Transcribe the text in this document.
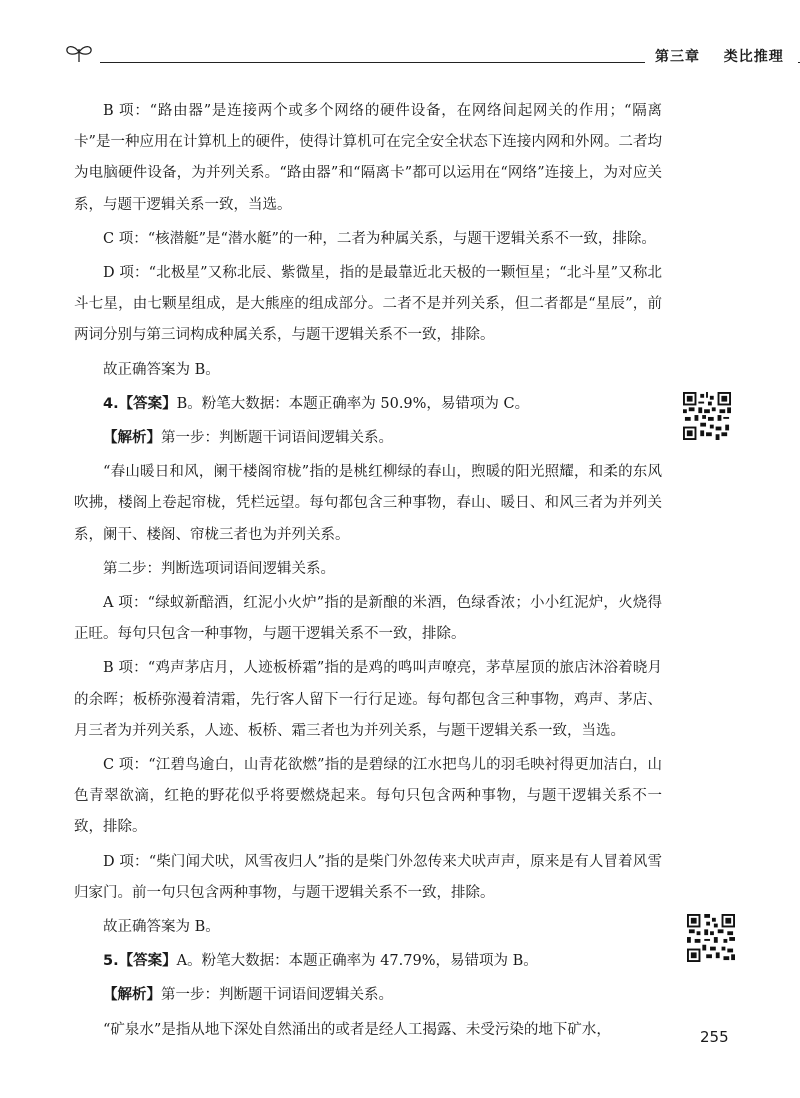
第三章 类比推理

B 项：“路由器”是连接两个或多个网络的硬件设备，在网络间起网关的作用；“隔离卡”是一种应用在计算机上的硬件，使得计算机可在完全安全状态下连接内网和外网。二者均为电脑硬件设备，为并列关系。“路由器”和“隔离卡”都可以运用在“网络”连接上，为对应关系，与题干逻辑关系一致，当选。

C 项：“核潜艇”是“潜水艇”的一种，二者为种属关系，与题干逻辑关系不一致，排除。

D 项：“北极星”又称北辰、紫微星，指的是最靠近北天极的一颗恒星；“北斗星”又称北斗七星，由七颗星组成，是大熊座的组成部分。二者不是并列关系，但二者都是“星辰”，前两词分别与第三词构成种属关系，与题干逻辑关系不一致，排除。

故正确答案为 B。

4.【答案】B。粉笔大数据：本题正确率为 50.9%，易错项为 C。

【解析】第一步：判断题干词语间逻辑关系。

“春山暖日和风，阑干楼阁帘栊”指的是桃红柳绿的春山，煦暖的阳光照耀，和柔的东风吹拂，楼阁上卷起帘栊，凭栏远望。每句都包含三种事物，春山、暖日、和风三者为并列关系，阑干、楼阁、帘栊三者也为并列关系。

第二步：判断选项词语间逻辑关系。

A 项：“绿蚁新醅酒，红泥小火炉”指的是新酿的米酒，色绿香浓；小小红泥炉，火烧得正旺。每句只包含一种事物，与题干逻辑关系不一致，排除。

B 项：“鸡声茅店月，人迹板桥霜”指的是鸡的鸣叫声嘹亮，茅草屋顶的旅店沐浴着晓月的余晖；板桥弥漫着清霜，先行客人留下一行行足迹。每句都包含三种事物，鸡声、茅店、月三者为并列关系，人迹、板桥、霜三者也为并列关系，与题干逻辑关系一致，当选。

C 项：“江碧鸟逾白，山青花欲燃”指的是碧绿的江水把鸟儿的羽毛映衬得更加洁白，山色青翠欲滴，红艳的野花似乎将要燃烧起来。每句只包含两种事物，与题干逻辑关系不一致，排除。

D 项：“柴门闻犬吠，风雪夜归人”指的是柴门外忽传来犬吠声声，原来是有人冒着风雪归家门。前一句只包含两种事物，与题干逻辑关系不一致，排除。

故正确答案为 B。

5.【答案】A。粉笔大数据：本题正确率为 47.79%，易错项为 B。

【解析】第一步：判断题干词语间逻辑关系。

“矿泉水”是指从地下深处自然涌出的或者是经人工揭露、未受污染的地下矿水，	255
